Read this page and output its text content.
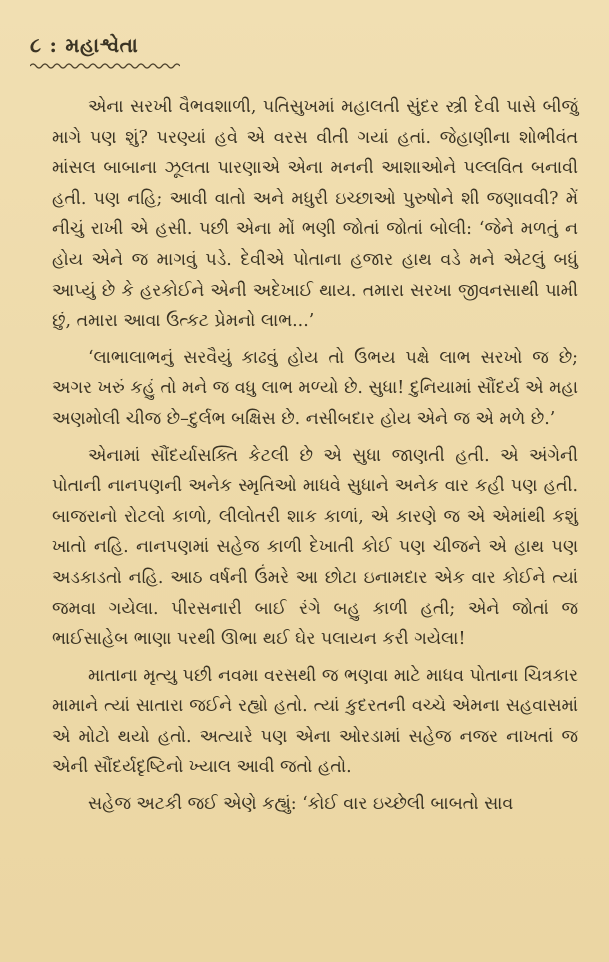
૮ : મહાશ્વેતા

એના સરખી વૈભવશાળી, પતિસુખમાં મહાલતી સુંદર સ્ત્રી દેવી પાસે બીજું માગે પણ શું? પરણ્યાં હવે એ વરસ વીતી ગયાં હતાં. જેહાણીના શોભીવંત માંસલ બાબાના ઝૂલતા પારણાએ એના મનની આશાઓને પલ્લવિત બનાવી હતી. પણ નહિ; આવી વાતો અને મધુરી ઇચ્છાઓ પુરુષોને શી જણાવવી? મેં નીચું રાખી એ હસી. પછી એના મોં ભણી જોતાં જોતાં બોલી: ‘જેને મળતું ન હોય એને જ માગવું પડે. દેવીએ પોતાના હજાર હાથ વડે મને એટલું બધું આપ્યું છે કે હરકોઈને એની અદેખાઈ થાય. તમારા સરખા જીવનસાથી પામી છું, તમારા આવા ઉત્કટ પ્રેમનો લાભ...’

‘લાભાલાભનું સરવૈયું કાઢવું હોય તો ઉભય પક્ષે લાભ સરખો જ છે; અગર ખરું કહું તો મને જ વધુ લાભ મળ્યો છે. સુધા! દુનિયામાં સૌંદર્ય એ મહા અણમોલી ચીજ છે–દુર્લભ બક્ષિસ છે. નસીબદાર હોય એને જ એ મળે છે.’

એનામાં સૌંદર્યાસક્તિ કેટલી છે એ સુધા જાણતી હતી. એ અંગેની પોતાની નાનપણની અનેક સ્મૃતિઓ માધવે સુધાને અનેક વાર કહી પણ હતી. બાજરાનો રોટલો કાળો, લીલોતરી શાક કાળાં, એ કારણે જ એ એમાંથી કશું ખાતો નહિ. નાનપણમાં સહેજ કાળી દેખાતી કોઈ પણ ચીજને એ હાથ પણ અડકાડતો નહિ. આઠ વર્ષની ઉંમરે આ છોટા ઇનામદાર એક વાર કોઈને ત્યાં જમવા ગયેલા. પીરસનારી બાઈ રંગે બહુ કાળી હતી; એને જોતાં જ ભાઈસાહેબ ભાણા પરથી ઊભા થઈ ઘેર પલાયન કરી ગયેલા!

માતાના મૃત્યુ પછી નવમા વરસથી જ ભણવા માટે માધવ પોતાના ચિત્રકાર મામાને ત્યાં સાતારા જઈને રહ્યો હતો. ત્યાં કુદરતની વચ્ચે એમના સહવાસમાં એ મોટો થયો હતો. અત્યારે પણ એના ઓરડામાં સહેજ નજર નાખતાં જ એની સૌંદર્યદૃષ્ટિનો ખ્યાલ આવી જતો હતો.

સહેજ અટકી જઈ એણે કહ્યું: ‘કોઈ વાર ઇચ્છેલી બાબતો સાવ
